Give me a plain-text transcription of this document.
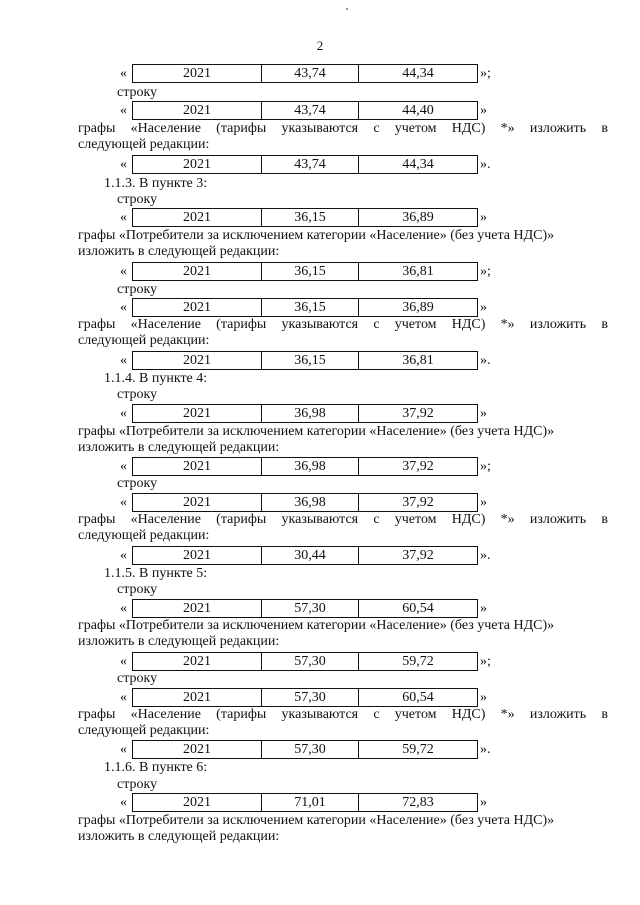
2
«	2021	43,74	44,34	»;
строку
«	2021	43,74	44,40	»
графы «Население (тарифы указываются с учетом НДС) *» изложить в
следующей редакции:
«	2021	43,74	44,34	».
1.1.3. В пункте 3:
строку
«	2021	36,15	36,89	»
графы «Потребители за исключением категории «Население» (без учета НДС)»
изложить в следующей редакции:
«	2021	36,15	36,81	»;
строку
«	2021	36,15	36,89	»
графы «Население (тарифы указываются с учетом НДС) *» изложить в
следующей редакции:
«	2021	36,15	36,81	».
1.1.4. В пункте 4:
строку
«	2021	36,98	37,92	»
графы «Потребители за исключением категории «Население» (без учета НДС)»
изложить в следующей редакции:
«	2021	36,98	37,92	»;
строку
«	2021	36,98	37,92	»
графы «Население (тарифы указываются с учетом НДС) *» изложить в
следующей редакции:
«	2021	30,44	37,92	».
1.1.5. В пункте 5:
строку
«	2021	57,30	60,54	»
графы «Потребители за исключением категории «Население» (без учета НДС)»
изложить в следующей редакции:
«	2021	57,30	59,72	»;
строку
«	2021	57,30	60,54	»
графы «Население (тарифы указываются с учетом НДС) *» изложить в
следующей редакции:
«	2021	57,30	59,72	».
1.1.6. В пункте 6:
строку
«	2021	71,01	72,83	»
графы «Потребители за исключением категории «Население» (без учета НДС)»
изложить в следующей редакции:
